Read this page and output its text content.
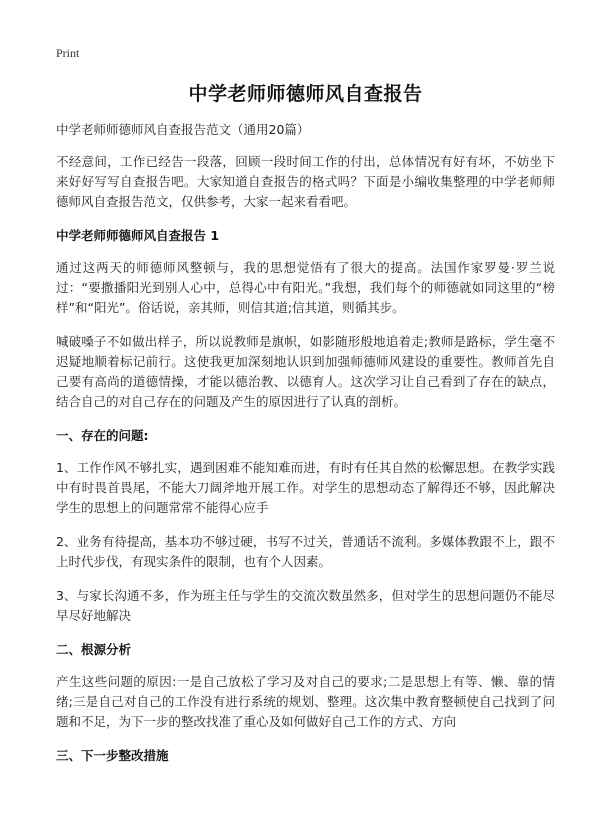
Print
中学老师师德师风自查报告
中学老师师德师风自查报告范文（通用20篇）
不经意间，工作已经告一段落，回顾一段时间工作的付出，总体情况有好有坏，不妨坐下来好好写写自查报告吧。大家知道自查报告的格式吗？下面是小编收集整理的中学老师师德师风自查报告范文，仅供参考，大家一起来看看吧。
中学老师师德师风自查报告 1
通过这两天的师德师风整顿与，我的思想觉悟有了很大的提高。法国作家罗曼·罗兰说过：“要撒播阳光到别人心中，总得心中有阳光。”我想，我们每个的师德就如同这里的“榜样”和“阳光”。俗话说，亲其师，则信其道;信其道，则循其步。
喊破嗓子不如做出样子，所以说教师是旗帜，如影随形般地追着走;教师是路标，学生毫不迟疑地顺着标记前行。这使我更加深刻地认识到加强师德师风建设的重要性。教师首先自己要有高尚的道德情操，才能以德治教、以德育人。这次学习让自己看到了存在的缺点，结合自己的对自己存在的问题及产生的原因进行了认真的剖析。
一、存在的问题:
1、工作作风不够扎实，遇到困难不能知难而进，有时有任其自然的松懈思想。在教学实践中有时畏首畏尾，不能大刀阔斧地开展工作。对学生的思想动态了解得还不够，因此解决学生的思想上的问题常常不能得心应手
2、业务有待提高，基本功不够过硬，书写不过关，普通话不流利。多媒体教跟不上，跟不上时代步伐，有现实条件的限制，也有个人因素。
3、与家长沟通不多，作为班主任与学生的交流次数虽然多，但对学生的思想问题仍不能尽早尽好地解决
二、根源分析
产生这些问题的原因:一是自己放松了学习及对自己的要求;二是思想上有等、懒、靠的情绪;三是自己对自己的工作没有进行系统的规划、整理。这次集中教育整顿使自己找到了问题和不足，为下一步的整改找准了重心及如何做好自己工作的方式、方向
三、下一步整改措施
